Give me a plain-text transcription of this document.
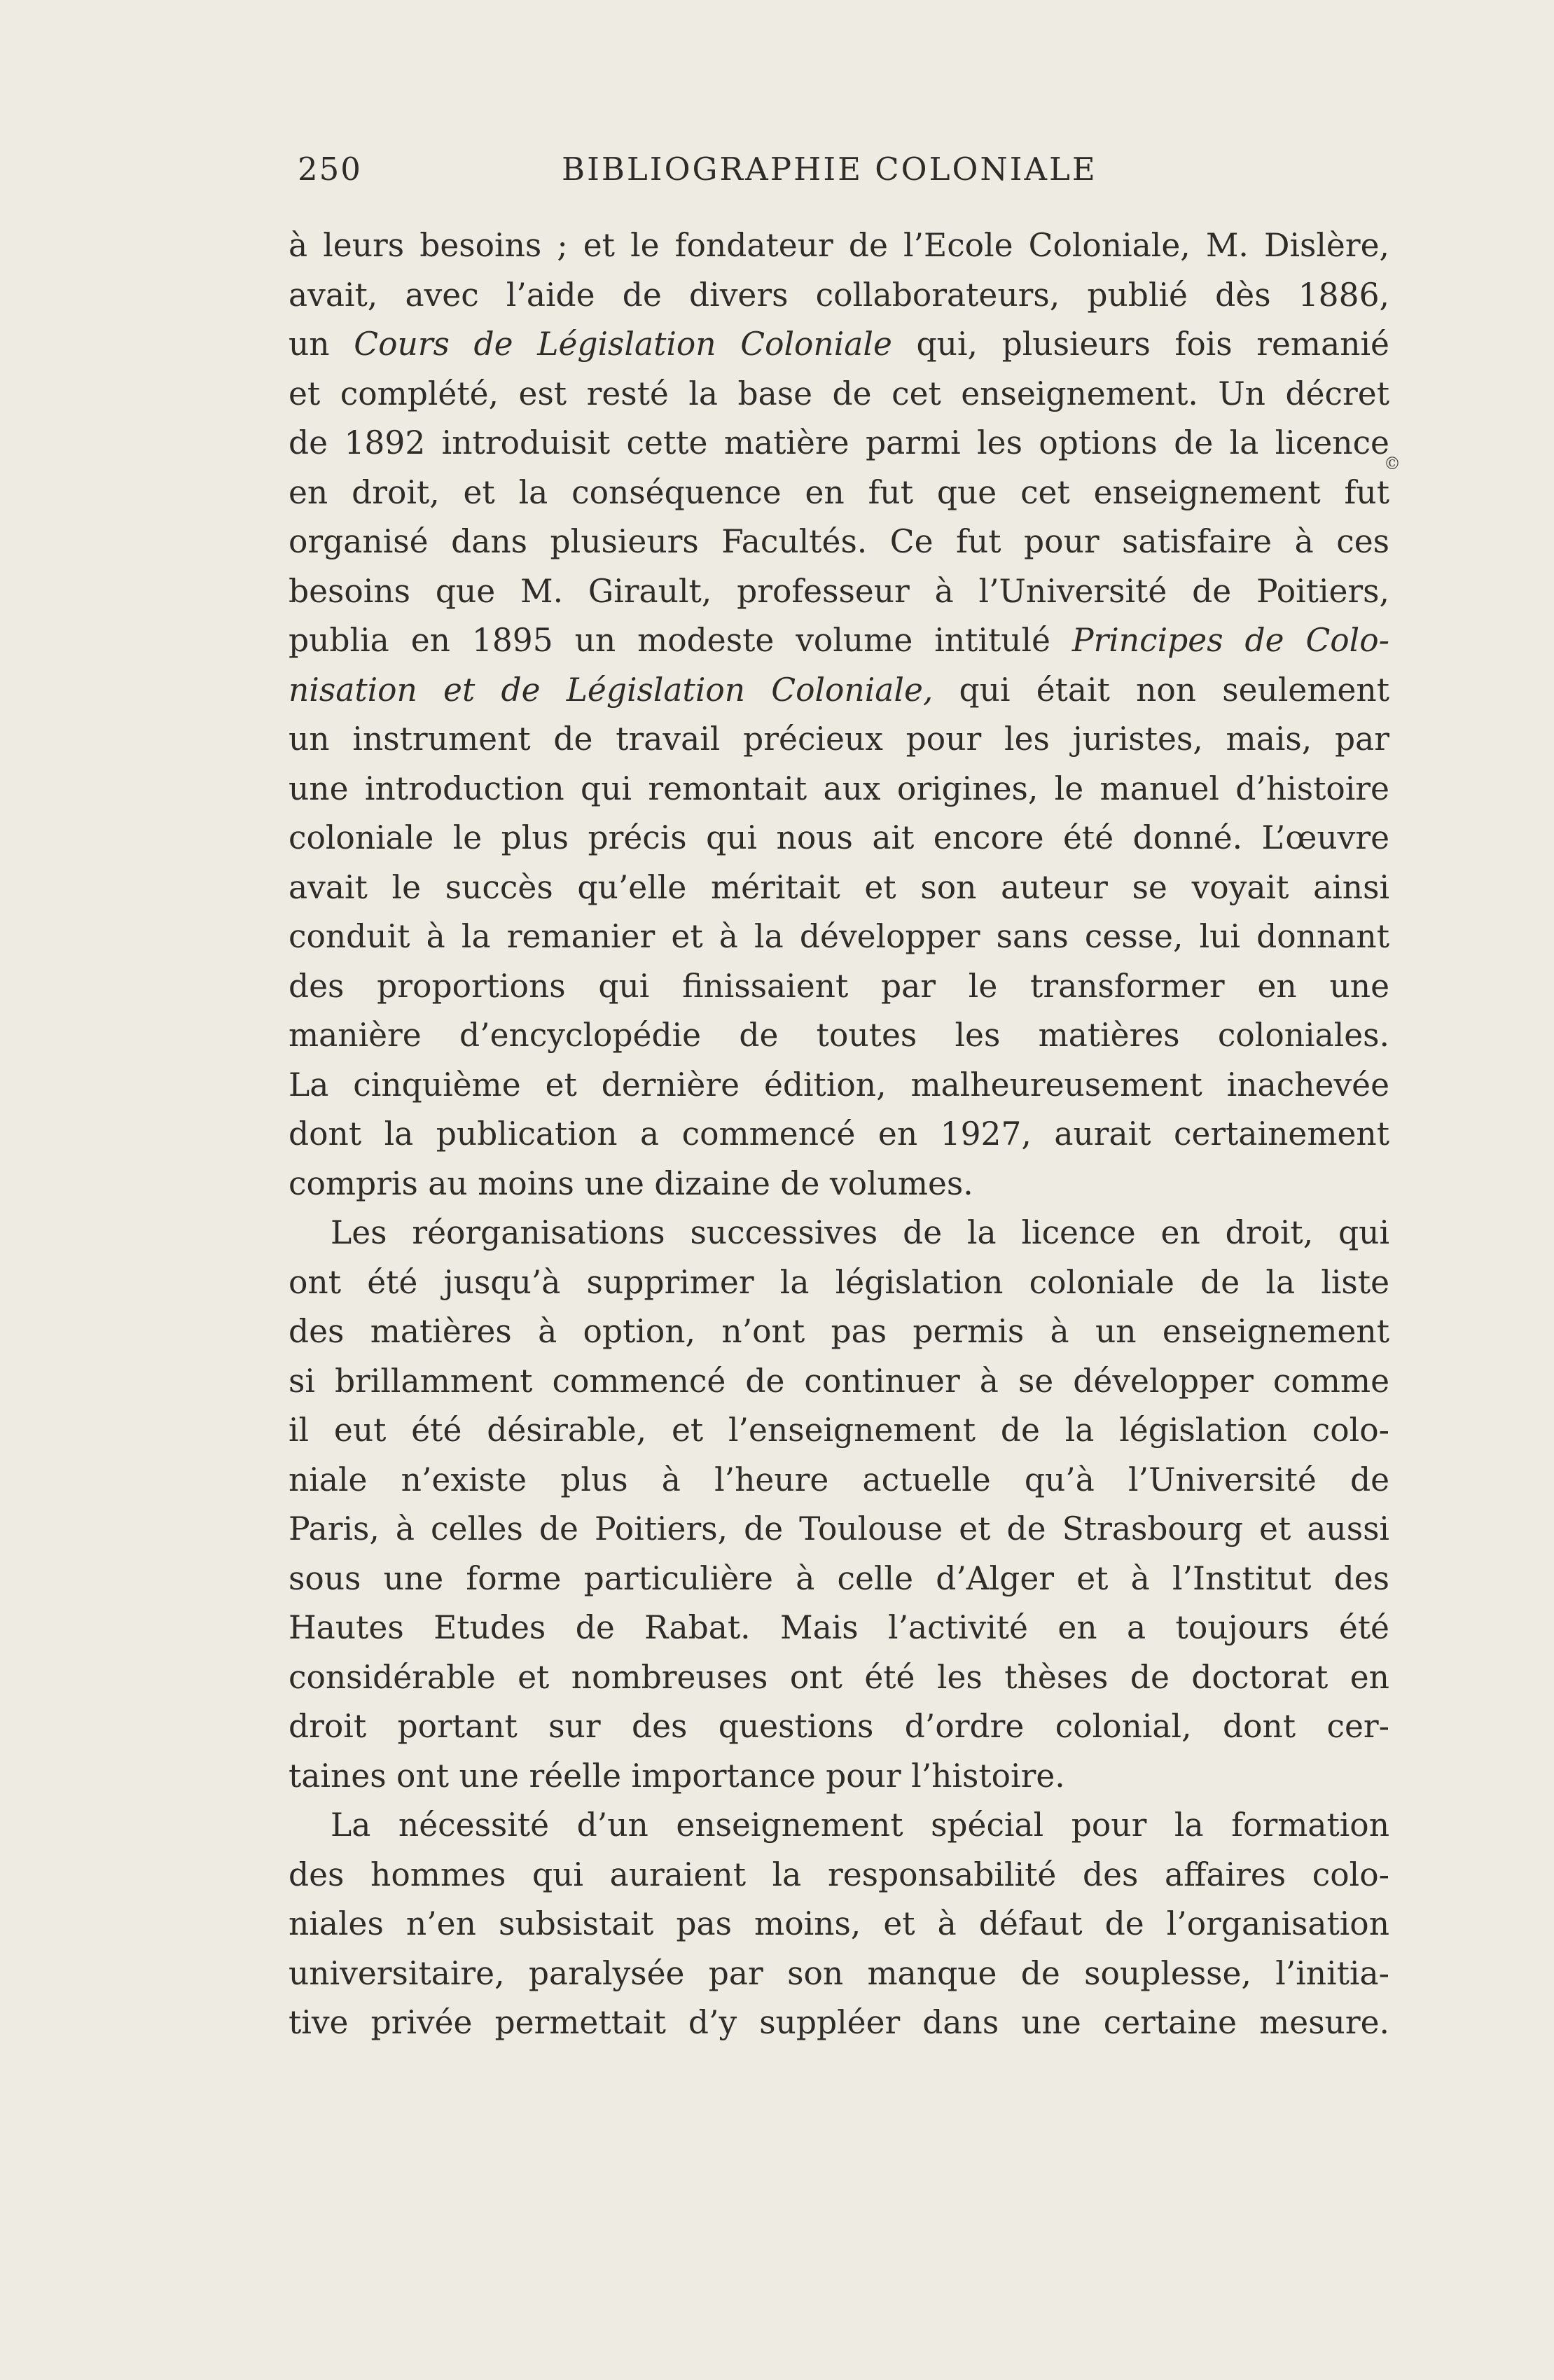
250	BIBLIOGRAPHIE COLONIALE
©
à leurs besoins ; et le fondateur de l’Ecole Coloniale, M. Dislère,
avait, avec l’aide de divers collaborateurs, publié dès 1886,
un Cours de Législation Coloniale qui, plusieurs fois remanié
et complété, est resté la base de cet enseignement. Un décret
de 1892 introduisit cette matière parmi les options de la licence
en droit, et la conséquence en fut que cet enseignement fut
organisé dans plusieurs Facultés. Ce fut pour satisfaire à ces
besoins que M. Girault, professeur à l’Université de Poitiers,
publia en 1895 un modeste volume intitulé Principes de Colo-
nisation et de Législation Coloniale, qui était non seulement
un instrument de travail précieux pour les juristes, mais, par
une introduction qui remontait aux origines, le manuel d’histoire
coloniale le plus précis qui nous ait encore été donné. L’œuvre
avait le succès qu’elle méritait et son auteur se voyait ainsi
conduit à la remanier et à la développer sans cesse, lui donnant
des proportions qui finissaient par le transformer en une
manière d’encyclopédie de toutes les matières coloniales.
La cinquième et dernière édition, malheureusement inachevée
dont la publication a commencé en 1927, aurait certainement
compris au moins une dizaine de volumes.
Les réorganisations successives de la licence en droit, qui
ont été jusqu’à supprimer la législation coloniale de la liste
des matières à option, n’ont pas permis à un enseignement
si brillamment commencé de continuer à se développer comme
il eut été désirable, et l’enseignement de la législation colo-
niale n’existe plus à l’heure actuelle qu’à l’Université de
Paris, à celles de Poitiers, de Toulouse et de Strasbourg et aussi
sous une forme particulière à celle d’Alger et à l’Institut des
Hautes Etudes de Rabat. Mais l’activité en a toujours été
considérable et nombreuses ont été les thèses de doctorat en
droit portant sur des questions d’ordre colonial, dont cer-
taines ont une réelle importance pour l’histoire.
La nécessité d’un enseignement spécial pour la formation
des hommes qui auraient la responsabilité des affaires colo-
niales n’en subsistait pas moins, et à défaut de l’organisation
universitaire, paralysée par son manque de souplesse, l’initia-
tive privée permettait d’y suppléer dans une certaine mesure.
